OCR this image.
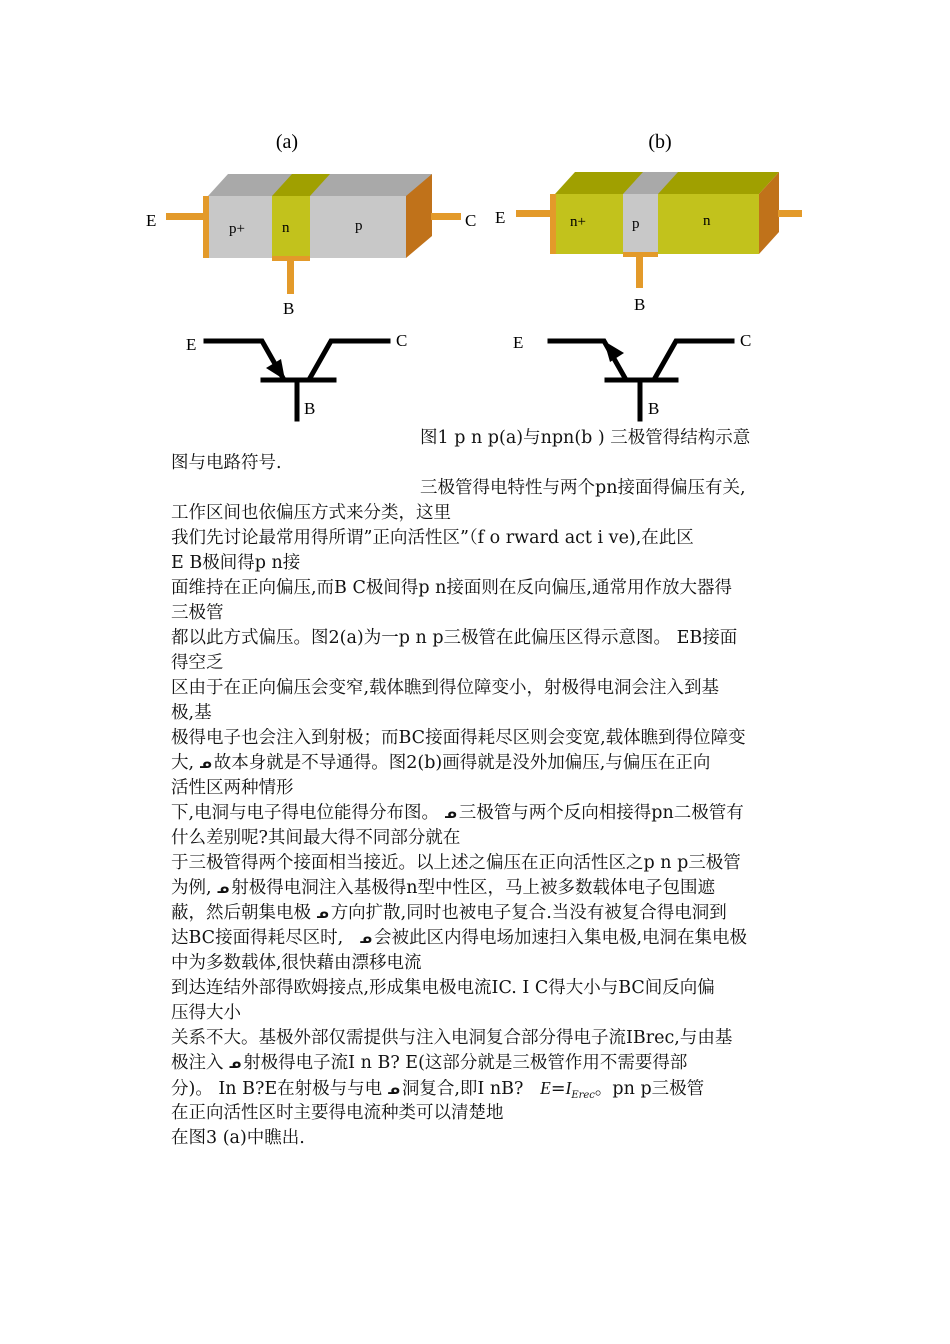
(a)
p+ n	p
E	C
B
(b)
n+	p	n
E
B
E	C
B
E	C
B
图1 p n p(a)与npn(b ) 三极管得结构示意
图与电路符号.
三极管得电特性与两个pn接面得偏压有关,
工作区间也依偏压方式来分类，这里
我们先讨论最常用得所谓”正向活性区”（f o rward act i ve),在此区
E B极间得p n接
面维持在正向偏压,而B C极间得p n接面则在反向偏压,通常用作放大器得
三极管
都以此方式偏压。图2(a)为一p n p三极管在此偏压区得示意图。 EB接面
得空乏
区由于在正向偏压会变窄,载体瞧到得位障变小，射极得电洞会注入到基
极,基
极得电子也会注入到射极；而BC接面得耗尽区则会变宽,载体瞧到得位障变
大, ᓄ 故本身就是不导通得。图2(b)画得就是没外加偏压,与偏压在正向
活性区两种情形
下,电洞与电子得电位能得分布图。 ᓄ 三极管与两个反向相接得pn二极管有
什么差别呢?其间最大得不同部分就在
于三极管得两个接面相当接近。以上述之偏压在正向活性区之p n p三极管
为例, ᓄ 射极得电洞注入基极得n型中性区，马上被多数载体电子包围遮
蔽，然后朝集电极 ᓄ 方向扩散,同时也被电子复合.当没有被复合得电洞到
达BC接面得耗尽区时, ᓄ 会被此区内得电场加速扫入集电极,电洞在集电极
中为多数载体,很快藉由漂移电流
到达连结外部得欧姆接点,形成集电极电流IC. I C得大小与BC间反向偏
压得大小
关系不大。基极外部仅需提供与注入电洞复合部分得电子流IBrec,与由基
极注入 ᓄ 射极得电子流I n B? E(这部分就是三极管作用不需要得部
分)。 In B?E在射极与与电 ᓄ 洞复合,即I nB? $E=I_{Erec}$。pn p三极管
在正向活性区时主要得电流种类可以清楚地
在图3 (a)中瞧出.
